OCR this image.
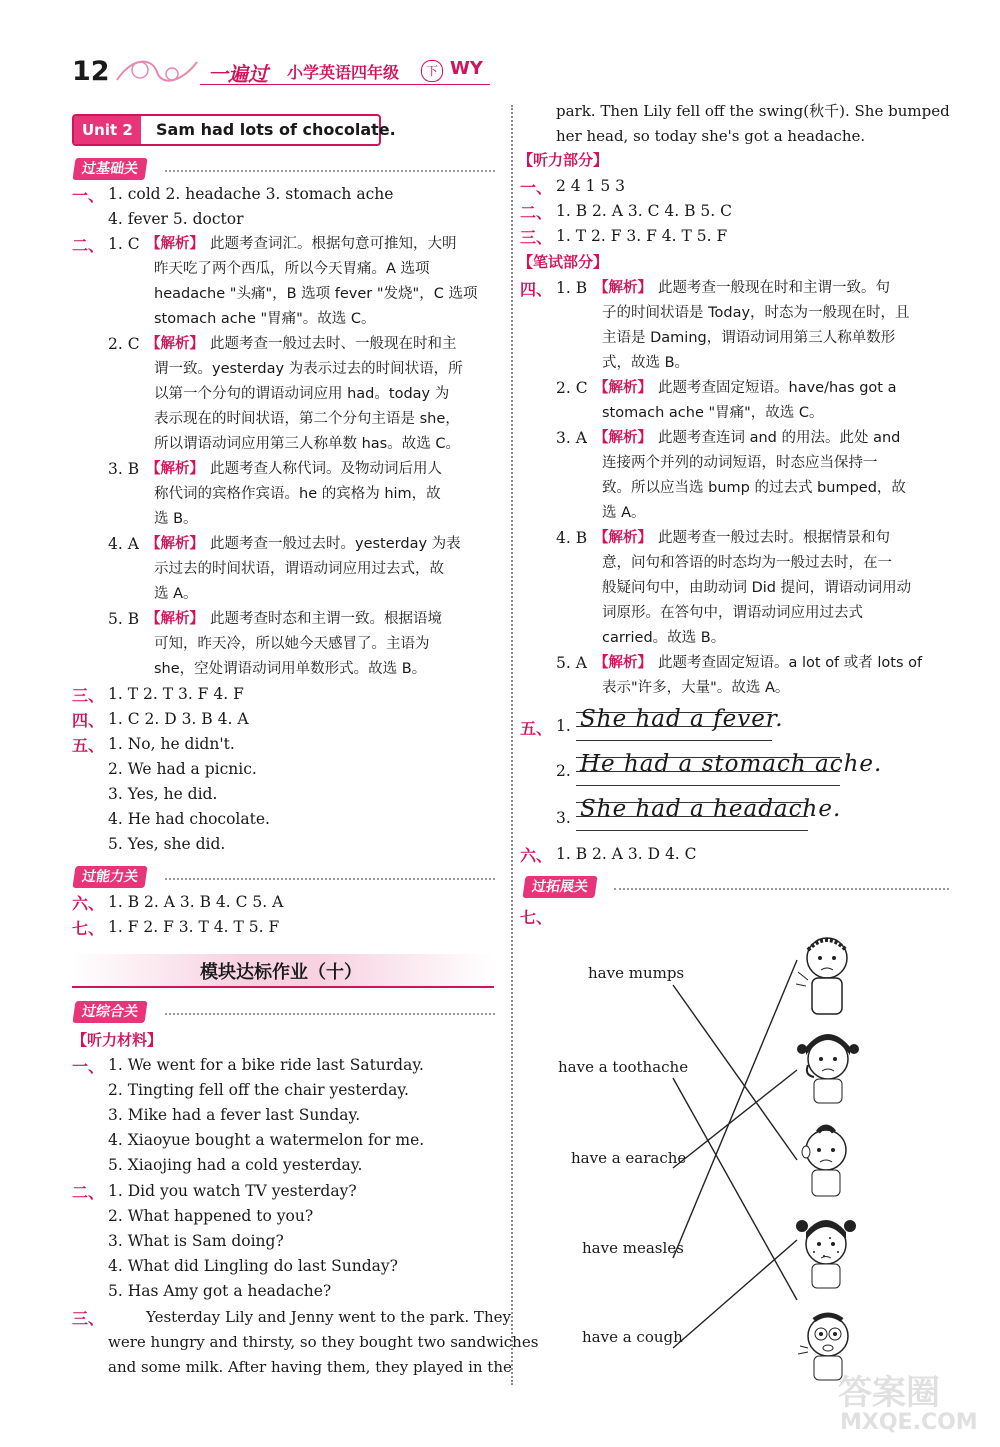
12	一遍过 小学英语四年级	下 WY
Unit 2	Sam had lots of chocolate.
过基础关
一、 1. cold 2. headache 3. stomach ache
4. fever 5. doctor
二、 1. C 【解析】 此题考查词汇。根据句意可推知，大明
昨天吃了两个西瓜，所以今天胃痛。A 选项
headache "头痛"，B 选项 fever "发烧"，C 选项
stomach ache "胃痛"。故选 C。
2. C 【解析】 此题考查一般过去时、一般现在时和主
谓一致。yesterday 为表示过去的时间状语，所
以第一个分句的谓语动词应用 had。today 为
表示现在的时间状语，第二个分句主语是 she，
所以谓语动词应用第三人称单数 has。故选 C。
3. B 【解析】 此题考查人称代词。及物动词后用人
称代词的宾格作宾语。he 的宾格为 him，故
选 B。
4. A 【解析】 此题考查一般过去时。yesterday 为表
示过去的时间状语，谓语动词应用过去式，故
选 A。
5. B 【解析】 此题考查时态和主谓一致。根据语境
可知，昨天冷，所以她今天感冒了。主语为
she，空处谓语动词用单数形式。故选 B。
三、 1. T 2. T 3. F 4. F
四、 1. C 2. D 3. B 4. A
五、 1. No, he didn't.
2. We had a picnic.
3. Yes, he did.
4. He had chocolate.
5. Yes, she did.
过能力关
六、 1. B 2. A 3. B 4. C 5. A
七、 1. F 2. F 3. T 4. T 5. F
模块达标作业（十）
过综合关
【听力材料】
一、 1. We went for a bike ride last Saturday.
2. Tingting fell off the chair yesterday.
3. Mike had a fever last Sunday.
4. Xiaoyue bought a watermelon for me.
5. Xiaojing had a cold yesterday.
二、 1. Did you watch TV yesterday?
2. What happened to you?
3. What is Sam doing?
4. What did Lingling do last Sunday?
5. Has Amy got a headache?
三、	Yesterday Lily and Jenny went to the park. They
were hungry and thirsty, so they bought two sandwiches
and some milk. After having them, they played in the
park. Then Lily fell off the swing(秋千). She bumped
her head, so today she's got a headache.
【听力部分】
一、 2 4 1 5 3
二、 1. B 2. A 3. C 4. B 5. C
三、 1. T 2. F 3. F 4. T 5. F
【笔试部分】
四、 1. B 【解析】 此题考查一般现在时和主谓一致。句
子的时间状语是 Today，时态为一般现在时，且
主语是 Daming，谓语动词用第三人称单数形
式，故选 B。
2. C 【解析】 此题考查固定短语。have/has got a
stomach ache "胃痛"，故选 C。
3. A 【解析】 此题考查连词 and 的用法。此处 and
连接两个并列的动词短语，时态应当保持一
致。所以应当选 bump 的过去式 bumped，故
选 A。
4. B 【解析】 此题考查一般过去时。根据情景和句
意，问句和答语的时态均为一般过去时，在一
般疑问句中，由助动词 Did 提问，谓语动词用动
词原形。在答句中，谓语动词应用过去式
carried。故选 B。
5. A 【解析】 此题考查固定短语。a lot of 或者 lots of
表示"许多，大量"。故选 A。
五、 1. She had a fever.
2. He had a stomach ache.
3. She had a headache.
六、 1. B 2. A 3. D 4. C
过拓展关
七、
have mumps
have a toothache
have a earache
have measles
have a cough
答案圈
MXQE.COM
